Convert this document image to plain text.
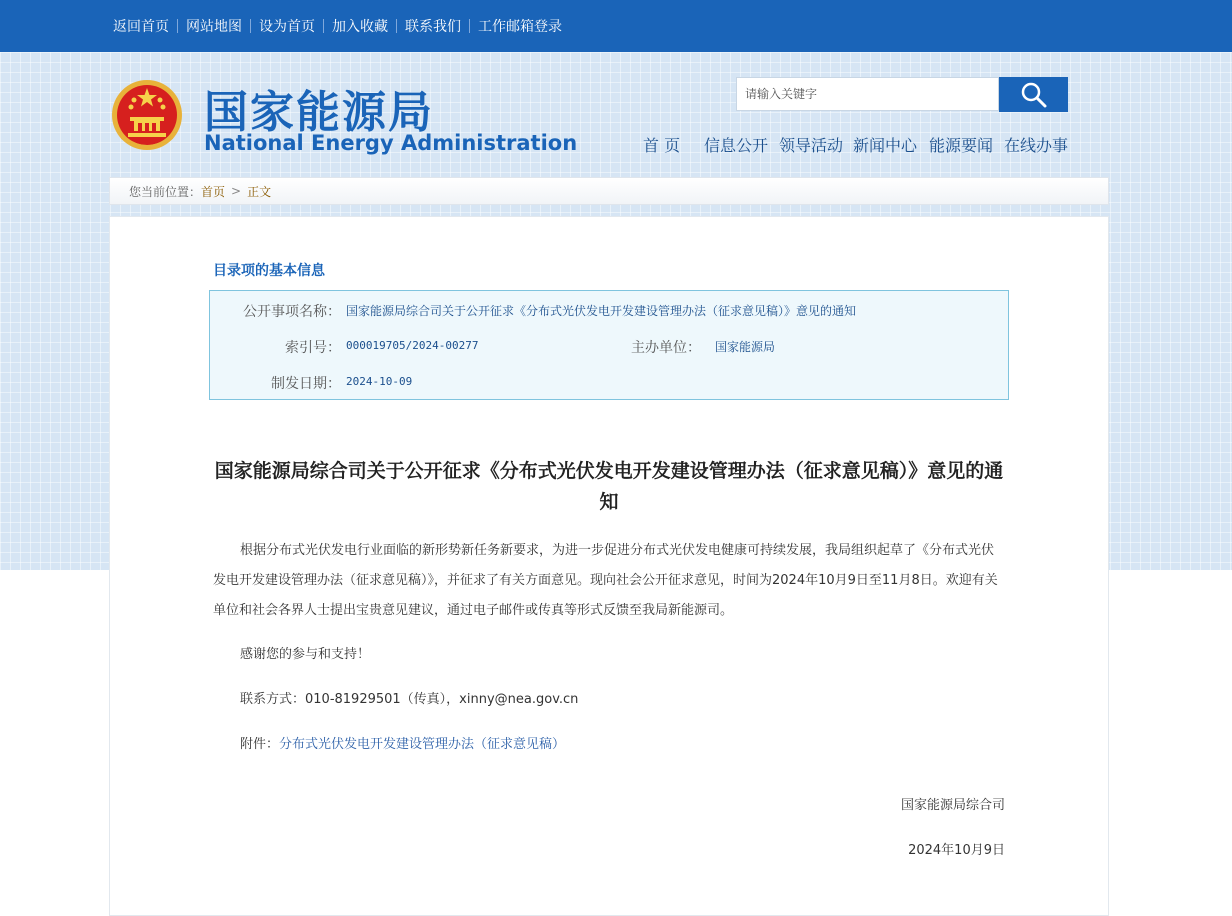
返回首页 网站地图 设为首页 加入收藏 联系我们 工作邮箱登录
国家能源局
National Energy Administration
请输入关键字	首 页 信息公开 领导活动 新闻中心 能源要闻 在线办事
您当前位置： 首页 > 正文
目录项的基本信息
公开事项名称： 国家能源局综合司关于公开征求《分布式光伏发电开发建设管理办法（征求意见稿）》意见的通知
索引号： 000019705/2024-00277	主办单位： 国家能源局
制发日期： 2024-10-09
国家能源局综合司关于公开征求《分布式光伏发电开发建设管理办法（征求意见稿）》意见的通知
根据分布式光伏发电行业面临的新形势新任务新要求，为进一步促进分布式光伏发电健康可持续发展，我局组织起草了《分布式光伏发电开发建设管理办法（征求意见稿）》，并征求了有关方面意见。现向社会公开征求意见，时间为2024年10月9日至11月8日。欢迎有关单位和社会各界人士提出宝贵意见建议，通过电子邮件或传真等形式反馈至我局新能源司。
感谢您的参与和支持！
联系方式：010-81929501（传真），xinny@nea.gov.cn
附件：分布式光伏发电开发建设管理办法（征求意见稿）
国家能源局综合司
2024年10月9日
